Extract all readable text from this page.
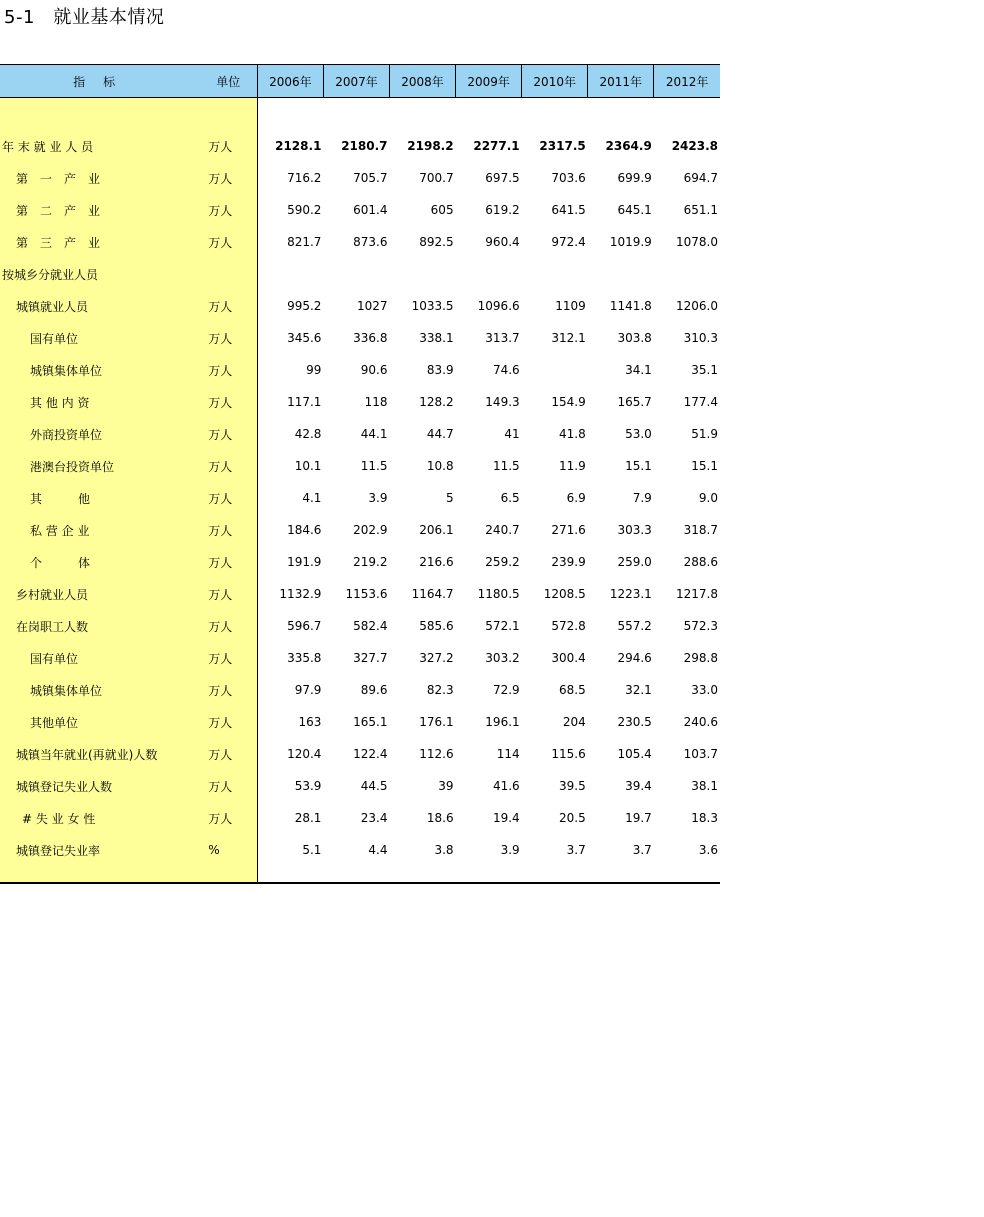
5-1　就业基本情况
指标	单位	2006年	2007年	2008年	2009年	2010年	2011年	2012年

年 末 就 业 人 员	万人	2128.1	2180.7	2198.2	2277.1	2317.5	2364.9	2423.8
第　一　产　业	万人	716.2	705.7	700.7	697.5	703.6	699.9	694.7
第　二　产　业	万人	590.2	601.4	605	619.2	641.5	645.1	651.1
第　三　产　业	万人	821.7	873.6	892.5	960.4	972.4	1019.9	1078.0
按城乡分就业人员								
城镇就业人员	万人	995.2	1027	1033.5	1096.6	1109	1141.8	1206.0
国有单位	万人	345.6	336.8	338.1	313.7	312.1	303.8	310.3
城镇集体单位	万人	99	90.6	83.9	74.6		34.1	35.1
其 他 内 资	万人	117.1	118	128.2	149.3	154.9	165.7	177.4
外商投资单位	万人	42.8	44.1	44.7	41	41.8	53.0	51.9
港澳台投资单位	万人	10.1	11.5	10.8	11.5	11.9	15.1	15.1
其　　　他	万人	4.1	3.9	5	6.5	6.9	7.9	9.0
私 营 企 业	万人	184.6	202.9	206.1	240.7	271.6	303.3	318.7
个　　　体	万人	191.9	219.2	216.6	259.2	239.9	259.0	288.6
乡村就业人员	万人	1132.9	1153.6	1164.7	1180.5	1208.5	1223.1	1217.8
在岗职工人数	万人	596.7	582.4	585.6	572.1	572.8	557.2	572.3
国有单位	万人	335.8	327.7	327.2	303.2	300.4	294.6	298.8
城镇集体单位	万人	97.9	89.6	82.3	72.9	68.5	32.1	33.0
其他单位	万人	163	165.1	176.1	196.1	204	230.5	240.6
城镇当年就业(再就业)人数	万人	120.4	122.4	112.6	114	115.6	105.4	103.7
城镇登记失业人数	万人	53.9	44.5	39	41.6	39.5	39.4	38.1
# 失 业 女 性	万人	28.1	23.4	18.6	19.4	20.5	19.7	18.3
城镇登记失业率	%	5.1	4.4	3.8	3.9	3.7	3.7	3.6
